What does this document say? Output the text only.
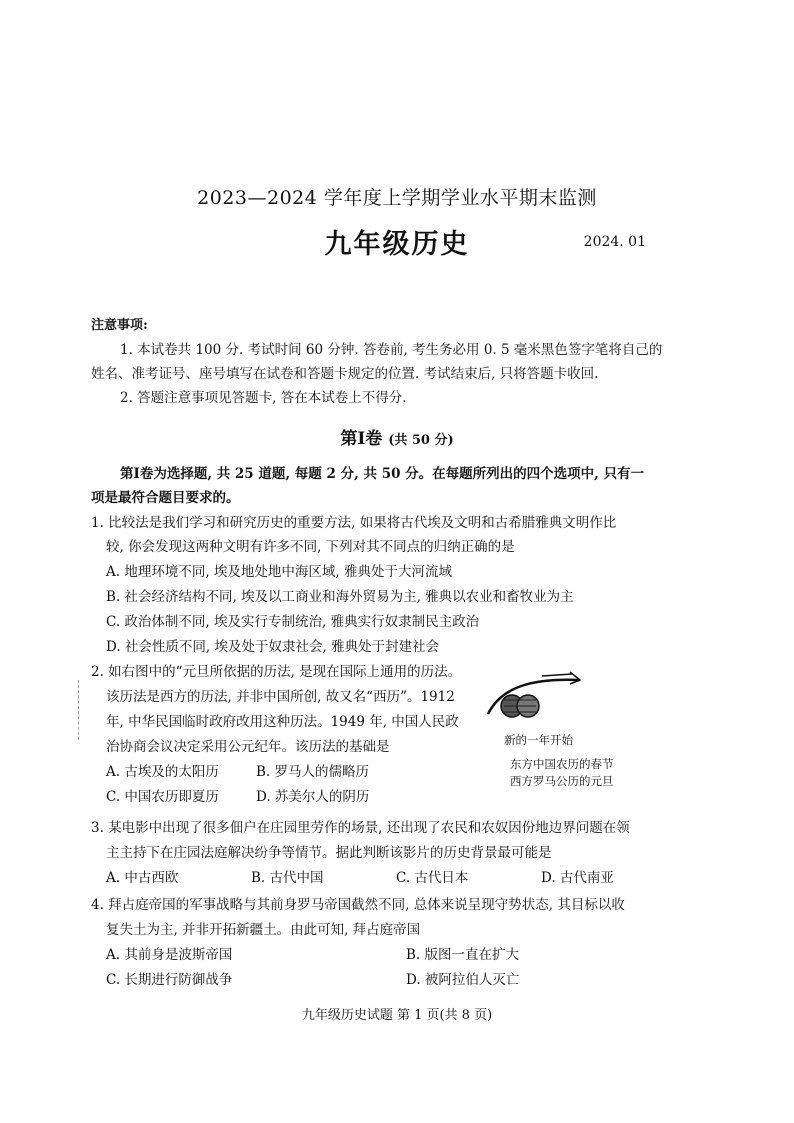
2023—2024 学年度上学期学业水平期末监测
九年级历史	2024. 01
注意事项:
1. 本试卷共 100 分. 考试时间 60 分钟. 答卷前, 考生务必用 0. 5 毫米黑色签字笔将自己的
姓名、准考证号、座号填写在试卷和答题卡规定的位置. 考试结束后, 只将答题卡收回.
2. 答题注意事项见答题卡, 答在本试卷上不得分.
第Ⅰ卷 (共 50 分)
第Ⅰ卷为选择题, 共 25 道题, 每题 2 分, 共 50 分。在每题所列出的四个选项中, 只有一
项是最符合题目要求的。
1. 比较法是我们学习和研究历史的重要方法, 如果将古代埃及文明和古希腊雅典文明作比
较, 你会发现这两种文明有许多不同, 下列对其不同点的归纳正确的是
A. 地理环境不同, 埃及地处地中海区域, 雅典处于大河流域
B. 社会经济结构不同, 埃及以工商业和海外贸易为主, 雅典以农业和畜牧业为主
C. 政治体制不同, 埃及实行专制统治, 雅典实行奴隶制民主政治
D. 社会性质不同, 埃及处于奴隶社会, 雅典处于封建社会
2. 如右图中的“元旦所依据的历法, 是现在国际上通用的历法。
该历法是西方的历法, 并非中国所创, 故又名“西历”。1912
年, 中华民国临时政府改用这种历法。1949 年, 中国人民政
治协商会议决定采用公元纪年。该历法的基础是
A. 古埃及的太阳历	B. 罗马人的儒略历
C. 中国农历即夏历	D. 苏美尔人的阴历
新的一年开始
东方中国农历的春节
西方罗马公历的元旦
3. 某电影中出现了很多佃户在庄园里劳作的场景, 还出现了农民和农奴因份地边界问题在领
主主持下在庄园法庭解决纷争等情节。据此判断该影片的历史背景最可能是
A. 中古西欧	B. 古代中国	C. 古代日本	D. 古代南亚
4. 拜占庭帝国的军事战略与其前身罗马帝国截然不同, 总体来说呈现守势状态, 其目标以收
复失土为主, 并非开拓新疆土。由此可知, 拜占庭帝国
A. 其前身是波斯帝国	B. 版图一直在扩大
C. 长期进行防御战争	D. 被阿拉伯人灭亡
九年级历史试题 第 1 页(共 8 页)
